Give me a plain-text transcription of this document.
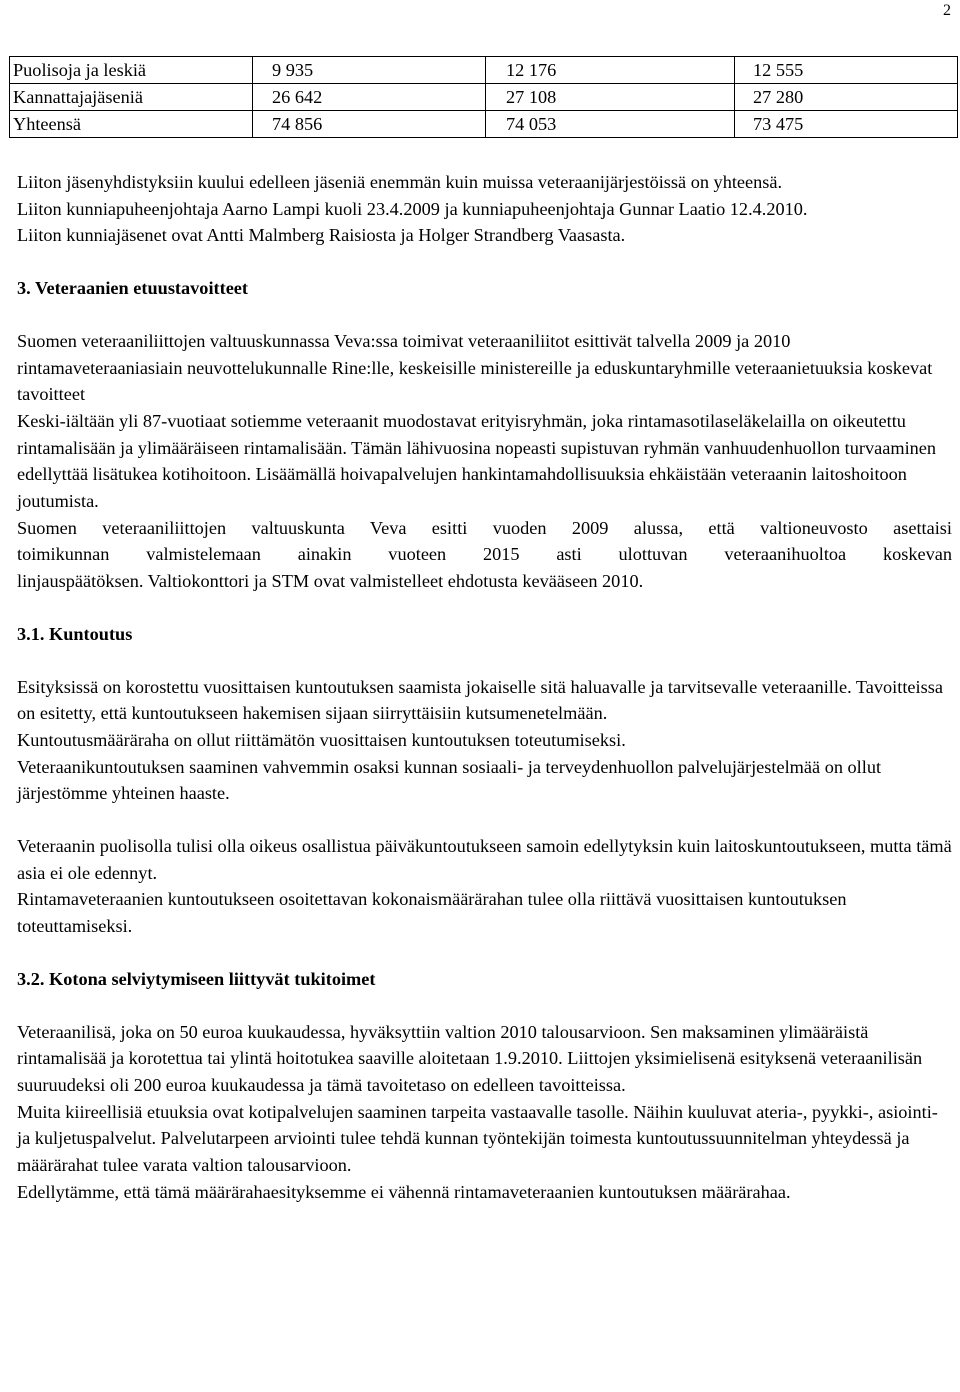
2
Puolisoja ja leskiä	9 935	12 176	12 555
Kannattajajäseniä	26 642	27 108	27 280
Yhteensä	74 856	74 053	73 475

Liiton jäsenyhdistyksiin kuului edelleen jäseniä enemmän kuin muissa veteraanijärjestöissä on yhteensä.

Liiton kunniapuheenjohtaja Aarno Lampi kuoli 23.4.2009 ja kunniapuheenjohtaja Gunnar Laatio 12.4.2010.

Liiton kunniajäsenet ovat Antti Malmberg Raisiosta ja Holger Strandberg Vaasasta.

3. Veteraanien etuustavoitteet

Suomen veteraaniliittojen valtuuskunnassa Veva:ssa toimivat veteraaniliitot esittivät talvella 2009 ja 2010 rintamaveteraaniasiain neuvottelukunnalle Rine:lle, keskeisille ministereille ja eduskuntaryhmille veteraanietuuksia koskevat tavoitteet

Keski-iältään yli 87-vuotiaat sotiemme veteraanit muodostavat erityisryhmän, joka rintamasotilaseläkelailla on oikeutettu rintamalisään ja ylimääräiseen rintamalisään. Tämän lähivuosina nopeasti supistuvan ryhmän vanhuudenhuollon turvaaminen edellyttää lisätukea kotihoitoon. Lisäämällä hoivapalvelujen hankintamahdollisuuksia ehkäistään veteraanin laitoshoitoon joutumista.

Suomen veteraaniliittojen valtuuskunta Veva esitti vuoden 2009 alussa, että valtioneuvosto asettaisi

toimikunnan valmistelemaan ainakin vuoteen 2015 asti ulottuvan veteraanihuoltoa koskevan

linjauspäätöksen. Valtiokonttori ja STM ovat valmistelleet ehdotusta kevääseen 2010.

3.1. Kuntoutus

Esityksissä on korostettu vuosittaisen kuntoutuksen saamista jokaiselle sitä haluavalle ja tarvitsevalle veteraanille. Tavoitteissa on esitetty, että kuntoutukseen hakemisen sijaan siirryttäisiin kutsumenetelmään.

Kuntoutusmääräraha on ollut riittämätön vuosittaisen kuntoutuksen toteutumiseksi.

Veteraanikuntoutuksen saaminen vahvemmin osaksi kunnan sosiaali- ja terveydenhuollon palvelujärjestelmää on ollut järjestömme yhteinen haaste.

Veteraanin puolisolla tulisi olla oikeus osallistua päiväkuntoutukseen samoin edellytyksin kuin laitoskuntoutukseen, mutta tämä asia ei ole edennyt.

Rintamaveteraanien kuntoutukseen osoitettavan kokonaismäärärahan tulee olla riittävä vuosittaisen kuntoutuksen toteuttamiseksi.

3.2. Kotona selviytymiseen liittyvät tukitoimet

Veteraanilisä, joka on 50 euroa kuukaudessa, hyväksyttiin valtion 2010 talousarvioon. Sen maksaminen ylimääräistä rintamalisää ja korotettua tai ylintä hoitotukea saaville aloitetaan 1.9.2010. Liittojen yksimielisenä esityksenä veteraanilisän suuruudeksi oli 200 euroa kuukaudessa ja tämä tavoitetaso on edelleen tavoitteissa.

Muita kiireellisiä etuuksia ovat kotipalvelujen saaminen tarpeita vastaavalle tasolle. Näihin kuuluvat ateria-, pyykki-, asiointi- ja kuljetuspalvelut. Palvelutarpeen arviointi tulee tehdä kunnan työntekijän toimesta kuntoutussuunnitelman yhteydessä ja määrärahat tulee varata valtion talousarvioon.

Edellytämme, että tämä määrärahaesityksemme ei vähennä rintamaveteraanien kuntoutuksen määrärahaa.
